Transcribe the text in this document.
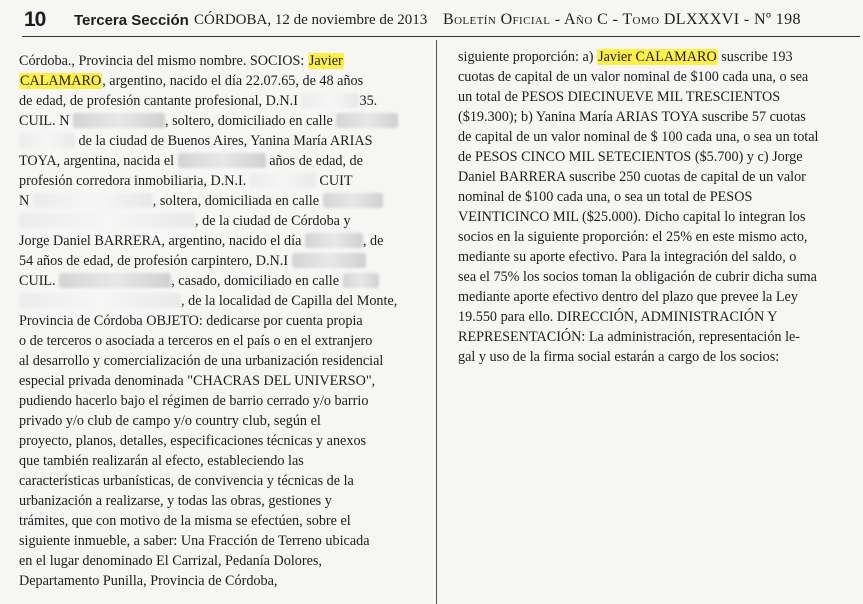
10 Tercera Sección CÓRDOBA, 12 de noviembre de 2013 Boletín Oficial - Año C - Tomo DLXXXVI - Nº 198
Córdoba., Provincia del mismo nombre. SOCIOS: Javier
CALAMARO, argentino, nacido el día 22.07.65, de 48 años
de edad, de profesión cantante profesional, D.N.I	35.
CUIL. N	, soltero, domiciliado en calle
de la ciudad de Buenos Aires, Yanina María ARIAS
TOYA, argentina, nacida el	años de edad, de
profesión corredora inmobiliaria, D.N.I.	CUIT
N	, soltera, domiciliada en calle
, de la ciudad de Córdoba y
Jorge Daniel BARRERA, argentino, nacido el día	, de
54 años de edad, de profesión carpintero, D.N.I
CUIL.	, casado, domiciliado en calle
, de la localidad de Capilla del Monte,
Provincia de Córdoba OBJETO: dedicarse por cuenta propia
o de terceros o asociada a terceros en el país o en el extranjero
al desarrollo y comercialización de una urbanización residencial
especial privada denominada "CHACRAS DEL UNIVERSO",
pudiendo hacerlo bajo el régimen de barrio cerrado y/o barrio
privado y/o club de campo y/o country club, según el
proyecto, planos, detalles, especificaciones técnicas y anexos
que también realizarán al efecto, estableciendo las
características urbanísticas, de convivencia y técnicas de la
urbanización a realizarse, y todas las obras, gestiones y
trámites, que con motivo de la misma se efectúen, sobre el
siguiente inmueble, a saber: Una Fracción de Terreno ubicada
en el lugar denominado El Carrizal, Pedanía Dolores,
Departamento Punilla, Provincia de Córdoba,
siguiente proporción: a) Javier CALAMARO suscribe 193
cuotas de capital de un valor nominal de $100 cada una, o sea
un total de PESOS DIECINUEVE MIL TRESCIENTOS
($19.300); b) Yanina María ARIAS TOYA suscribe 57 cuotas
de capital de un valor nominal de $ 100 cada una, o sea un total
de PESOS CINCO MIL SETECIENTOS ($5.700) y c) Jorge
Daniel BARRERA suscribe 250 cuotas de capital de un valor
nominal de $100 cada una, o sea un total de PESOS
VEINTICINCO MIL ($25.000). Dicho capital lo integran los
socios en la siguiente proporción: el 25% en este mismo acto,
mediante su aporte efectivo. Para la integración del saldo, o
sea el 75% los socios toman la obligación de cubrir dicha suma
mediante aporte efectivo dentro del plazo que prevee la Ley
19.550 para ello. DIRECCIÓN, ADMINISTRACIÓN Y
REPRESENTACIÓN: La administración, representación le-
gal y uso de la firma social estarán a cargo de los socios:
